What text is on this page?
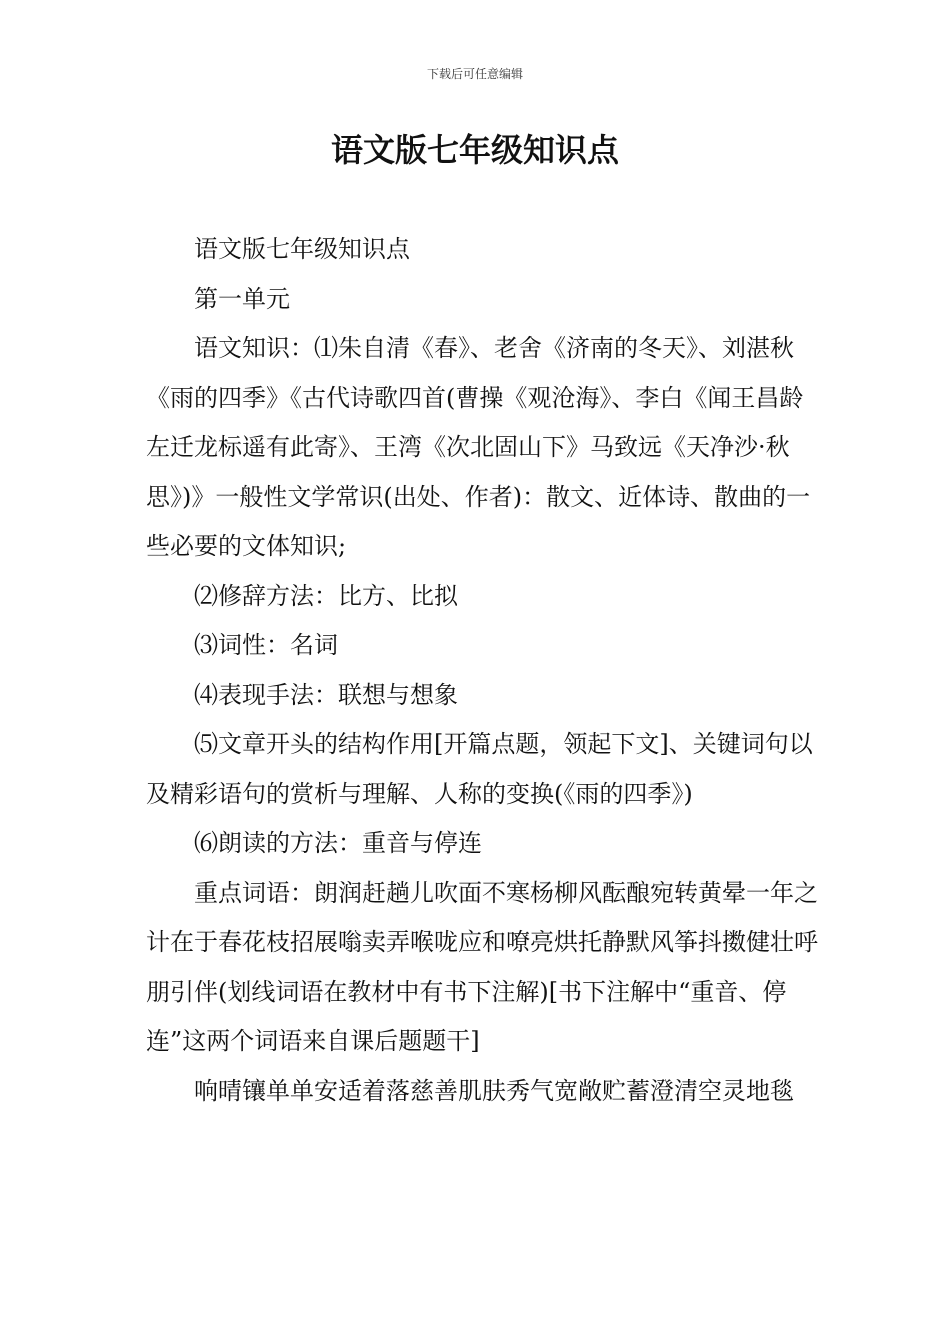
下载后可任意编辑
语文版七年级知识点

语文版七年级知识点

第一单元

语文知识：⑴朱自清《春》、老舍《济南的冬天》、刘湛秋《雨的四季》《古代诗歌四首(曹操《观沧海》、李白《闻王昌龄左迁龙标遥有此寄》、王湾《次北固山下》马致远《天净沙·秋思》)》一般性文学常识(出处、作者)：散文、近体诗、散曲的一些必要的文体知识;

⑵修辞方法：比方、比拟

⑶词性：名词

⑷表现手法：联想与想象

⑸文章开头的结构作用[开篇点题，领起下文]、关键词句以及精彩语句的赏析与理解、人称的变换(《雨的四季》)

⑹朗读的方法：重音与停连

重点词语：朗润赶趟儿吹面不寒杨柳风酝酿宛转黄晕一年之计在于春花枝招展嗡卖弄喉咙应和嘹亮烘托静默风筝抖擞健壮呼朋引伴(划线词语在教材中有书下注解)[书下注解中“重音、停连”这两个词语来自课后题题干]

响晴镶单单安适着落慈善肌肤秀气宽敞贮蓄澄清空灵地毯
